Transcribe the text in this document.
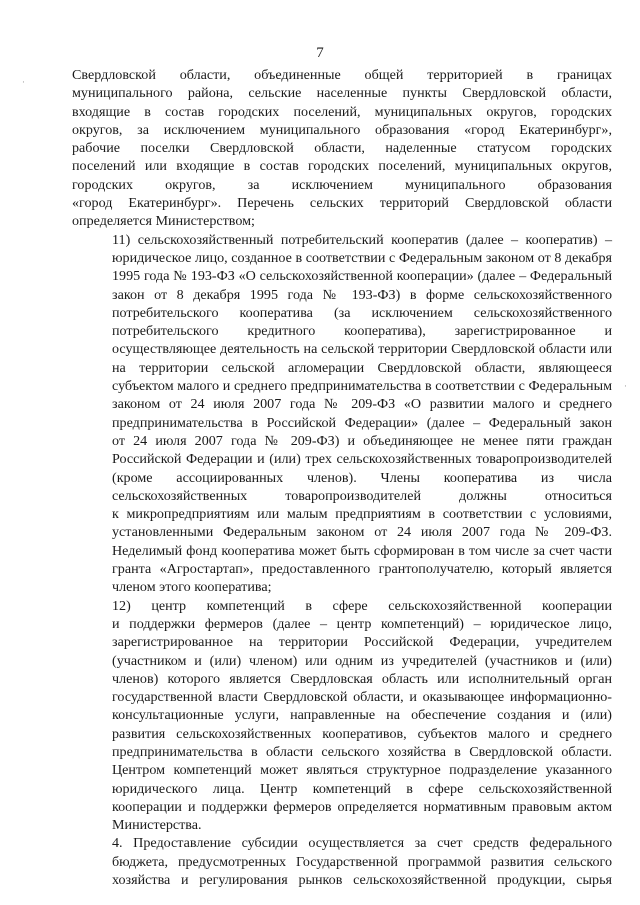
7

Свердловской области, объединенные общей территорией в границах
муниципального района, сельские населенные пункты Свердловской области,
входящие в состав городских поселений, муниципальных округов, городских
округов, за исключением муниципального образования «город Екатеринбург»,
рабочие поселки Свердловской области, наделенные статусом городских
поселений или входящие в состав городских поселений, муниципальных округов,
городских округов, за исключением муниципального образования
«город Екатеринбург». Перечень сельских территорий Свердловской области
определяется Министерством;

11) сельскохозяйственный потребительский кооператив (далее – кооператив) –
юридическое лицо, созданное в соответствии с Федеральным законом от 8 декабря
1995 года № 193-ФЗ «О сельскохозяйственной кооперации» (далее – Федеральный
закон от 8 декабря 1995 года № 193-ФЗ) в форме сельскохозяйственного
потребительского кооператива (за исключением сельскохозяйственного
потребительского кредитного кооператива), зарегистрированное и
осуществляющее деятельность на сельской территории Свердловской области или
на территории сельской агломерации Свердловской области, являющееся
субъектом малого и среднего предпринимательства в соответствии с Федеральным
законом от 24 июля 2007 года № 209-ФЗ «О развитии малого и среднего
предпринимательства в Российской Федерации» (далее – Федеральный закон
от 24 июля 2007 года № 209-ФЗ) и объединяющее не менее пяти граждан
Российской Федерации и (или) трех сельскохозяйственных товаропроизводителей
(кроме ассоциированных членов). Члены кооператива из числа
сельскохозяйственных товаропроизводителей должны относиться
к микропредприятиям или малым предприятиям в соответствии с условиями,
установленными Федеральным законом от 24 июля 2007 года № 209-ФЗ.
Неделимый фонд кооператива может быть сформирован в том числе за счет части
гранта «Агростартап», предоставленного грантополучателю, который является
членом этого кооператива;

12) центр компетенций в сфере сельскохозяйственной кооперации
и поддержки фермеров (далее – центр компетенций) – юридическое лицо,
зарегистрированное на территории Российской Федерации, учредителем
(участником и (или) членом) или одним из учредителей (участников и (или)
членов) которого является Свердловская область или исполнительный орган
государственной власти Свердловской области, и оказывающее информационно-
консультационные услуги, направленные на обеспечение создания и (или)
развития сельскохозяйственных кооперативов, субъектов малого и среднего
предпринимательства в области сельского хозяйства в Свердловской области.
Центром компетенций может являться структурное подразделение указанного
юридического лица. Центр компетенций в сфере сельскохозяйственной
кооперации и поддержки фермеров определяется нормативным правовым актом
Министерства.

4. Предоставление субсидии осуществляется за счет средств федерального
бюджета, предусмотренных Государственной программой развития сельского
хозяйства и регулирования рынков сельскохозяйственной продукции, сырья

·
·
